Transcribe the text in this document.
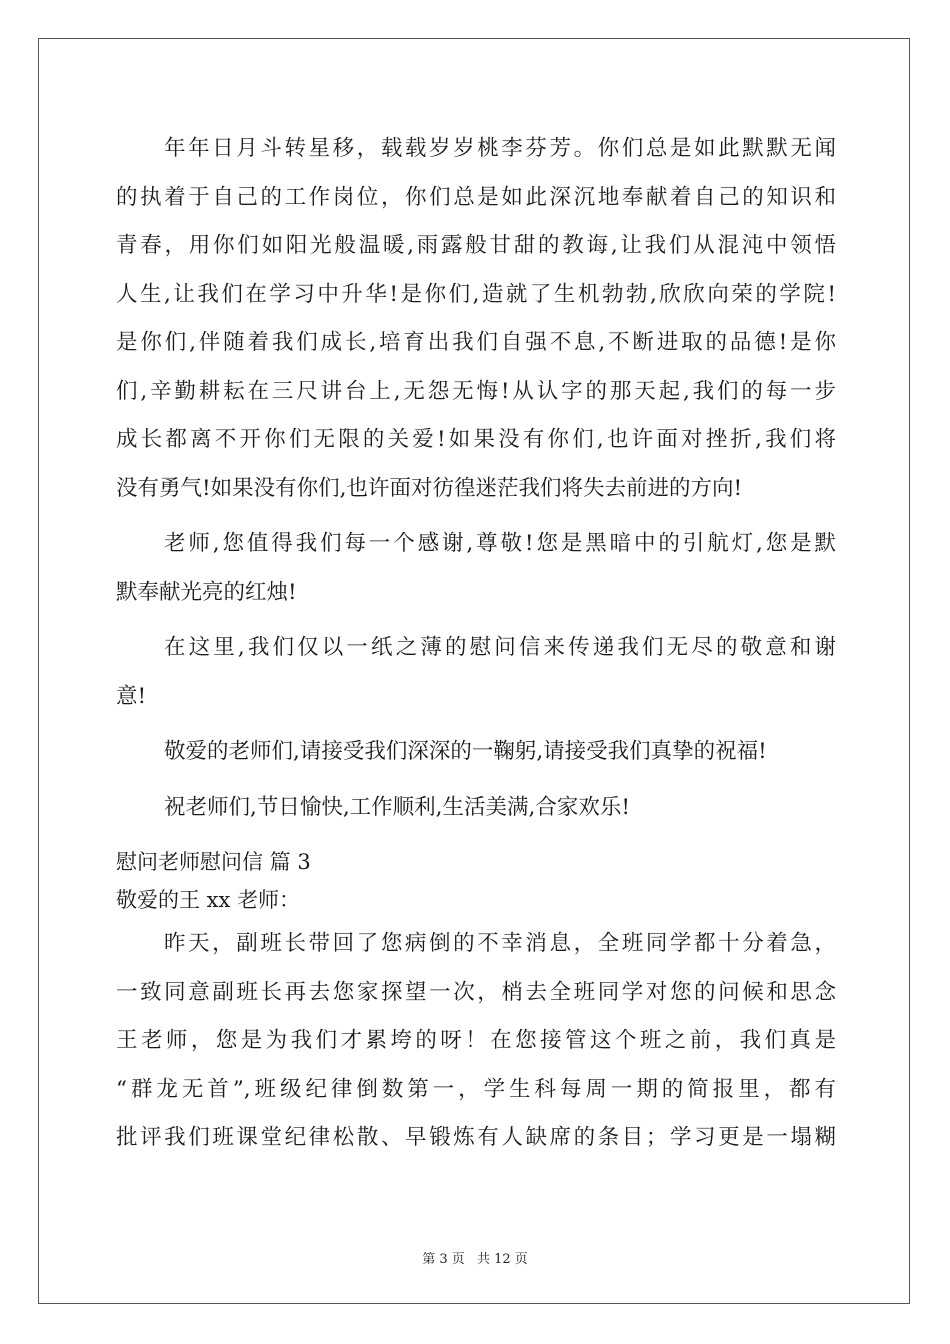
年年日月斗转星移，载载岁岁桃李芬芳。你们总是如此默默无闻
的执着于自己的工作岗位，你们总是如此深沉地奉献着自己的知识和
青春，用你们如阳光般温暖,雨露般甘甜的教诲,让我们从混沌中领悟
人生,让我们在学习中升华!是你们,造就了生机勃勃,欣欣向荣的学院!
是你们,伴随着我们成长,培育出我们自强不息,不断进取的品德!是你
们,辛勤耕耘在三尺讲台上,无怨无悔!从认字的那天起,我们的每一步
成长都离不开你们无限的关爱!如果没有你们,也许面对挫折,我们将
没有勇气!如果没有你们,也许面对彷徨迷茫我们将失去前进的方向!
老师,您值得我们每一个感谢,尊敬!您是黑暗中的引航灯,您是默
默奉献光亮的红烛!
在这里,我们仅以一纸之薄的慰问信来传递我们无尽的敬意和谢
意!
敬爱的老师们,请接受我们深深的一鞠躬,请接受我们真挚的祝福!
祝老师们,节日愉快,工作顺利,生活美满,合家欢乐!
慰问老师慰问信 篇 3
敬爱的王 xx 老师：
昨天，副班长带回了您病倒的不幸消息，全班同学都十分着急，
一致同意副班长再去您家探望一次，梢去全班同学对您的问候和思念
王老师，您是为我们才累垮的呀！在您接管这个班之前，我们真是
“群龙无首”,班级纪律倒数第一，学生科每周一期的简报里，都有
批评我们班课堂纪律松散、早锻炼有人缺席的条目；学习更是一塌糊
第 3 页 共 12 页
